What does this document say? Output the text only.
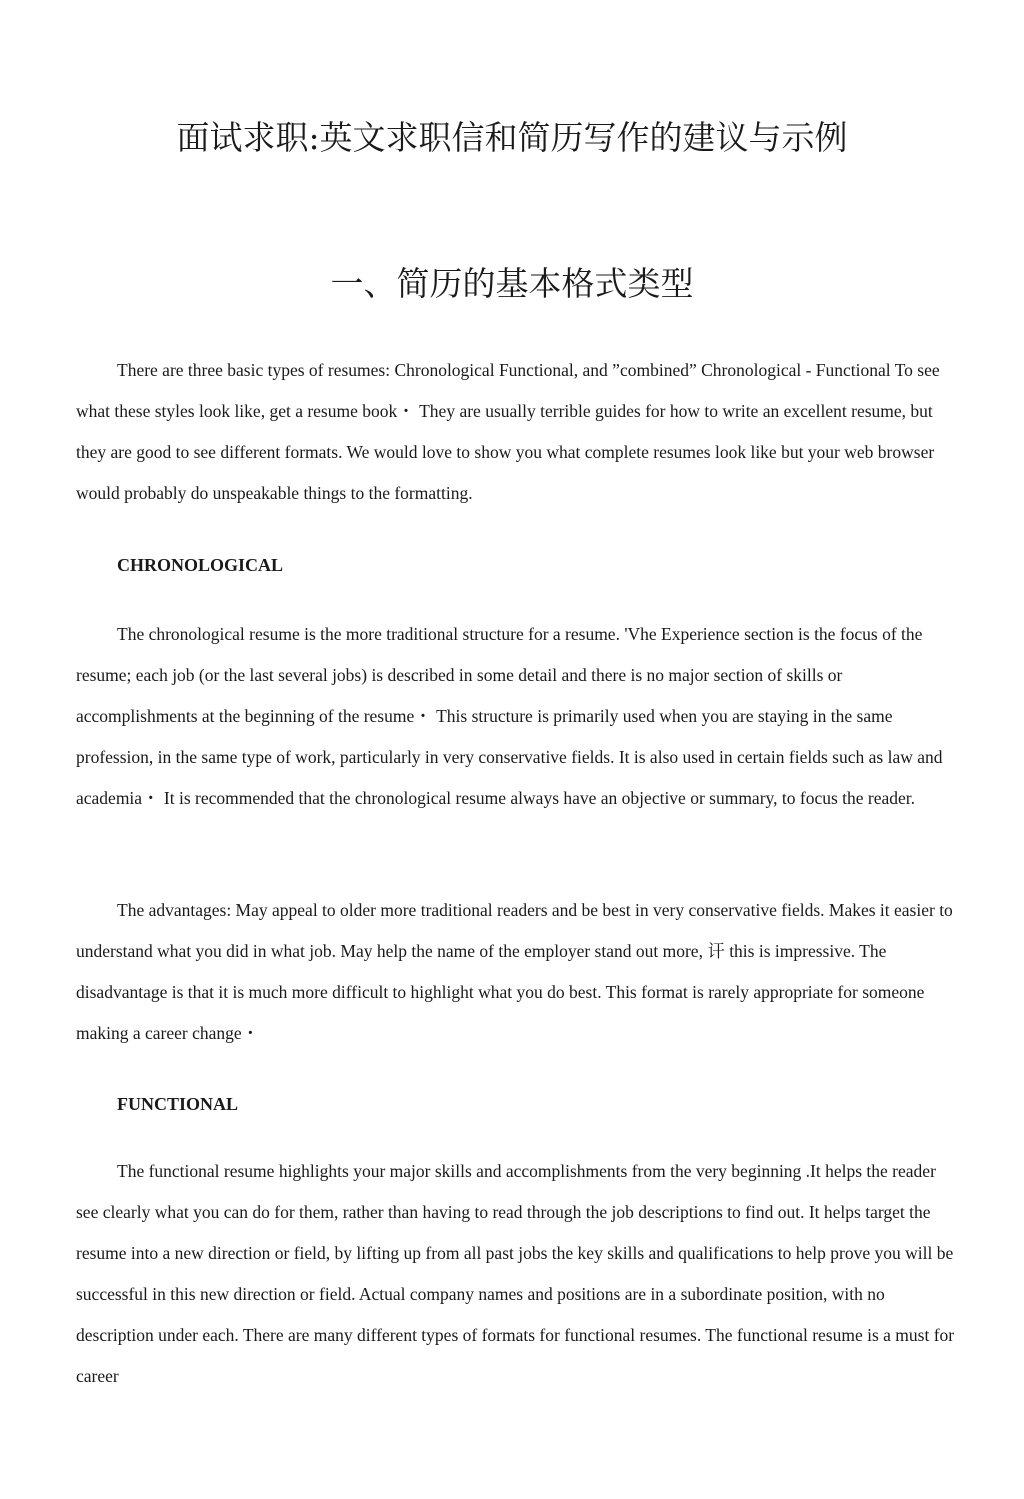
面试求职:英文求职信和简历写作的建议与示例
一、简历的基本格式类型

There are three basic types of resumes: Chronological Functional, and ”combined” Chronological - Functional To see what these styles look like, get a resume book・ They are usually terrible guides for how to write an excellent resume, but they are good to see different formats. We would love to show you what complete resumes look like but your web browser would probably do unspeakable things to the formatting.

CHRONOLOGICAL

The chronological resume is the more traditional structure for a resume. 'Vhe Experience section is the focus of the resume; each job (or the last several jobs) is described in some detail and there is no major section of skills or accomplishments at the beginning of the resume・ This structure is primarily used when you are staying in the same profession, in the same type of work, particularly in very conservative fields. It is also used in certain fields such as law and academia・ It is recommended that the chronological resume always have an objective or summary, to focus the reader.

The advantages: May appeal to older more traditional readers and be best in very conservative fields. Makes it easier to understand what you did in what job. May help the name of the employer stand out more, 讦 this is impressive. The disadvantage is that it is much more difficult to highlight what you do best. This format is rarely appropriate for someone making a career change・

FUNCTIONAL

The functional resume highlights your major skills and accomplishments from the very beginning .It helps the reader see clearly what you can do for them, rather than having to read through the job descriptions to find out. It helps target the resume into a new direction or field, by lifting up from all past jobs the key skills and qualifications to help prove you will be successful in this new direction or field. Actual company names and positions are in a subordinate position, with no description under each. There are many different types of formats for functional resumes. The functional resume is a must for career
